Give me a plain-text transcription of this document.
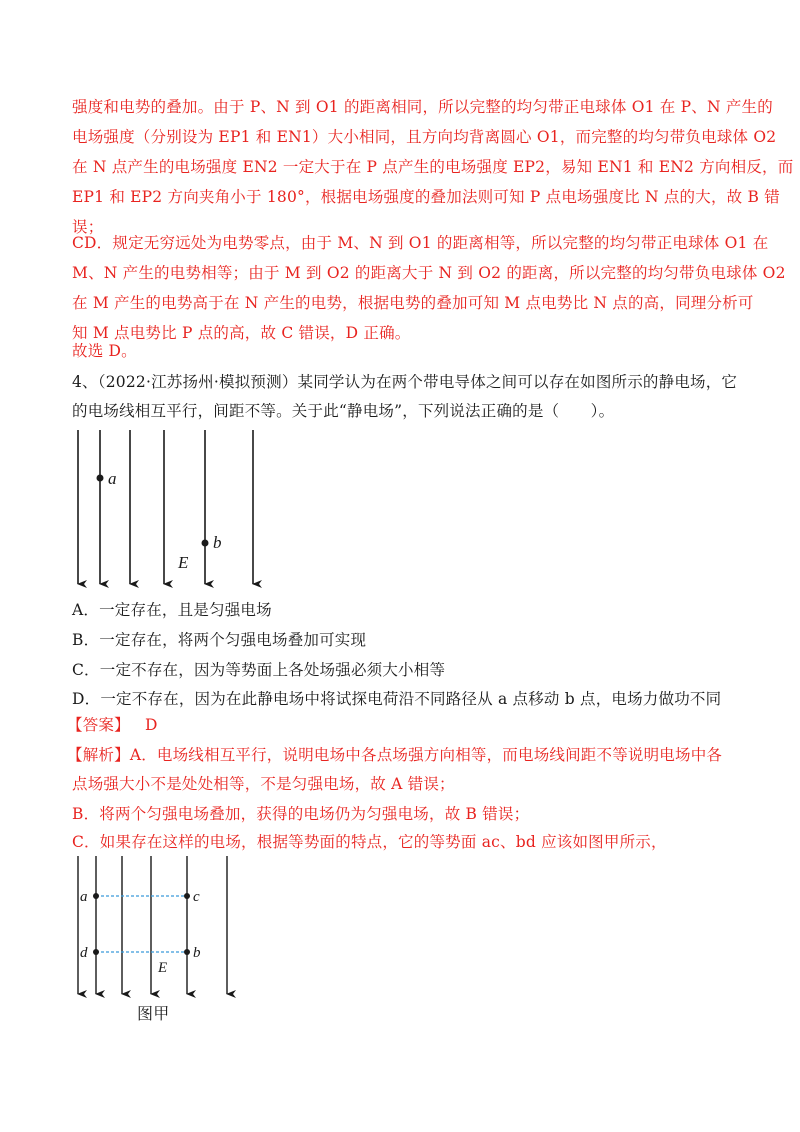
强度和电势的叠加。由于 P、N 到 O1 的距离相同，所以完整的均匀带正电球体 O1 在 P、N 产生的
电场强度（分别设为 EP1 和 EN1）大小相同，且方向均背离圆心 O1，而完整的均匀带负电球体 O2
在 N 点产生的电场强度 EN2 一定大于在 P 点产生的电场强度 EP2，易知 EN1 和 EN2 方向相反，而
EP1 和 EP2 方向夹角小于 180°，根据电场强度的叠加法则可知 P 点电场强度比 N 点的大，故 B 错
误；
CD．规定无穷远处为电势零点，由于 M、N 到 O1 的距离相等，所以完整的均匀带正电球体 O1 在
M、N 产生的电势相等；由于 M 到 O2 的距离大于 N 到 O2 的距离，所以完整的均匀带负电球体 O2
在 M 产生的电势高于在 N 产生的电势，根据电势的叠加可知 M 点电势比 N 点的高，同理分析可
知 M 点电势比 P 点的高，故 C 错误，D 正确。
故选 D。
4、（2022·江苏扬州·模拟预测）某同学认为在两个带电导体之间可以存在如图所示的静电场，它
的电场线相互平行，间距不等。关于此“静电场”，下列说法正确的是（　　）。
a
b
E
A．一定存在，且是匀强电场
B．一定存在，将两个匀强电场叠加可实现
C．一定不存在，因为等势面上各处场强必须大小相等
D．一定不存在，因为在此静电场中将试探电荷沿不同路径从 a 点移动 b 点，电场力做功不同
【答案】 D
【解析】A．电场线相互平行，说明电场中各点场强方向相等，而电场线间距不等说明电场中各
点场强大小不是处处相等，不是匀强电场，故 A 错误；
B．将两个匀强电场叠加，获得的电场仍为匀强电场，故 B 错误；
C．如果存在这样的电场，根据等势面的特点，它的等势面 ac、bd 应该如图甲所示，
a	c
d	b
E
图甲
